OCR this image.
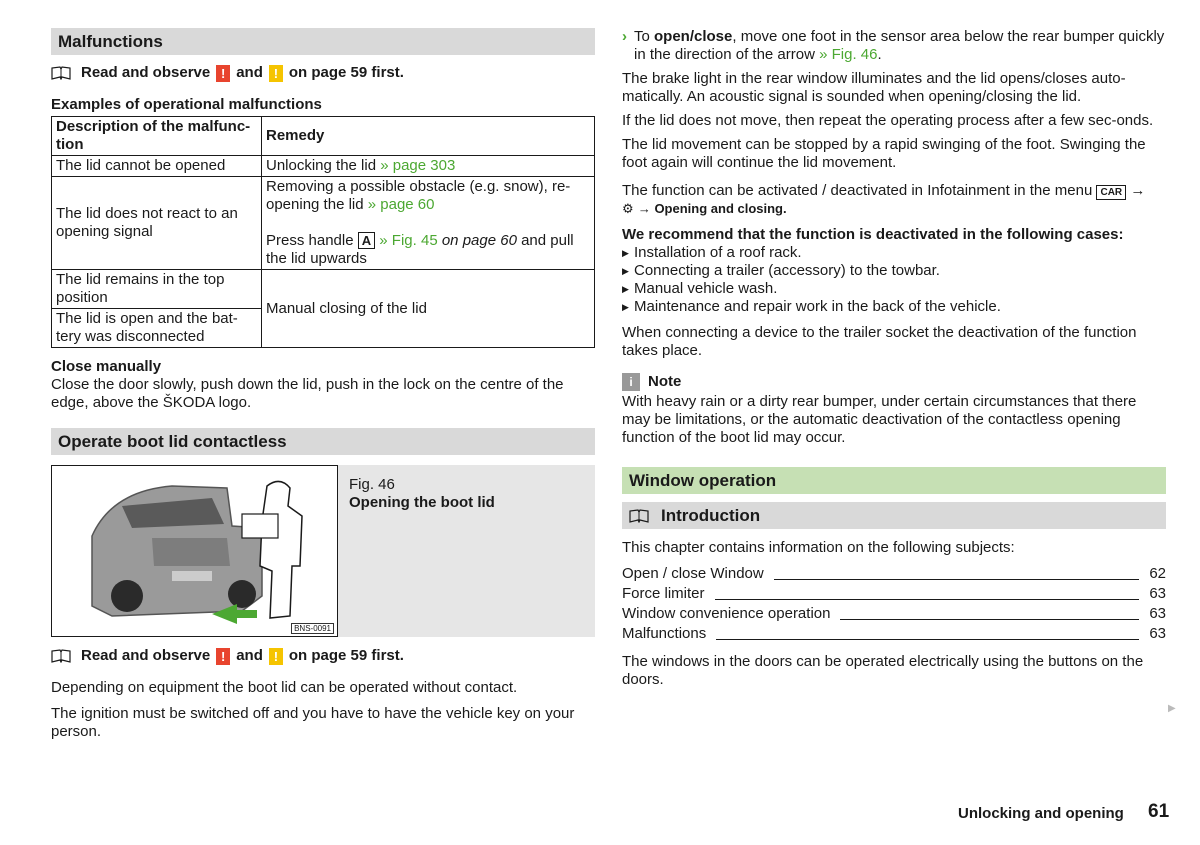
Malfunctions
Read and observe ! and ! on page 59 first.
Examples of operational malfunctions
Description of the malfunc-tion	Remedy
The lid cannot be opened	Unlocking the lid » page 303
The lid does not react to an opening signal	Removing a possible obstacle (e.g. snow), re-opening the lid » page 60
Press handle A » Fig. 45 on page 60 and pull the lid upwards

The lid remains in the top position	Manual closing of the lid
The lid is open and the bat-tery was disconnected	
Close manually
Close the door slowly, push down the lid, push in the lock on the centre of the edge, above the ŠKODA logo.
Operate boot lid contactless
BNS-0091
Fig. 46
Opening the boot lid
Read and observe ! and ! on page 59 first.

Depending on equipment the boot lid can be operated without contact.

The ignition must be switched off and you have to have the vehicle key on your person.

› To open/close, move one foot in the sensor area below the rear bumper quickly in the direction of the arrow » Fig. 46.

The brake light in the rear window illuminates and the lid opens/closes auto-matically. An acoustic signal is sounded when opening/closing the lid.

If the lid does not move, then repeat the operating process after a few sec-onds.

The lid movement can be stopped by a rapid swinging of the foot. Swinging the foot again will continue the lid movement.

The function can be activated / deactivated in Infotainment in the menu CAR →
⚙ → Opening and closing.

We recommend that the function is deactivated in the following cases:
▶ Installation of a roof rack.
▶ Connecting a trailer (accessory) to the towbar.
▶ Manual vehicle wash.
▶ Maintenance and repair work in the back of the vehicle.

When connecting a device to the trailer socket the deactivation of the function takes place.

i	Note
With heavy rain or a dirty rear bumper, under certain circumstances that there may be limitations, or the automatic deactivation of the contactless opening function of the boot lid may occur.
Window operation
Introduction

This chapter contains information on the following subjects:

Open / close Window	62
Force limiter	63
Window convenience operation	63
Malfunctions	63

The windows in the doors can be operated electrically using the buttons on the doors.

▶
Unlocking and opening 61
